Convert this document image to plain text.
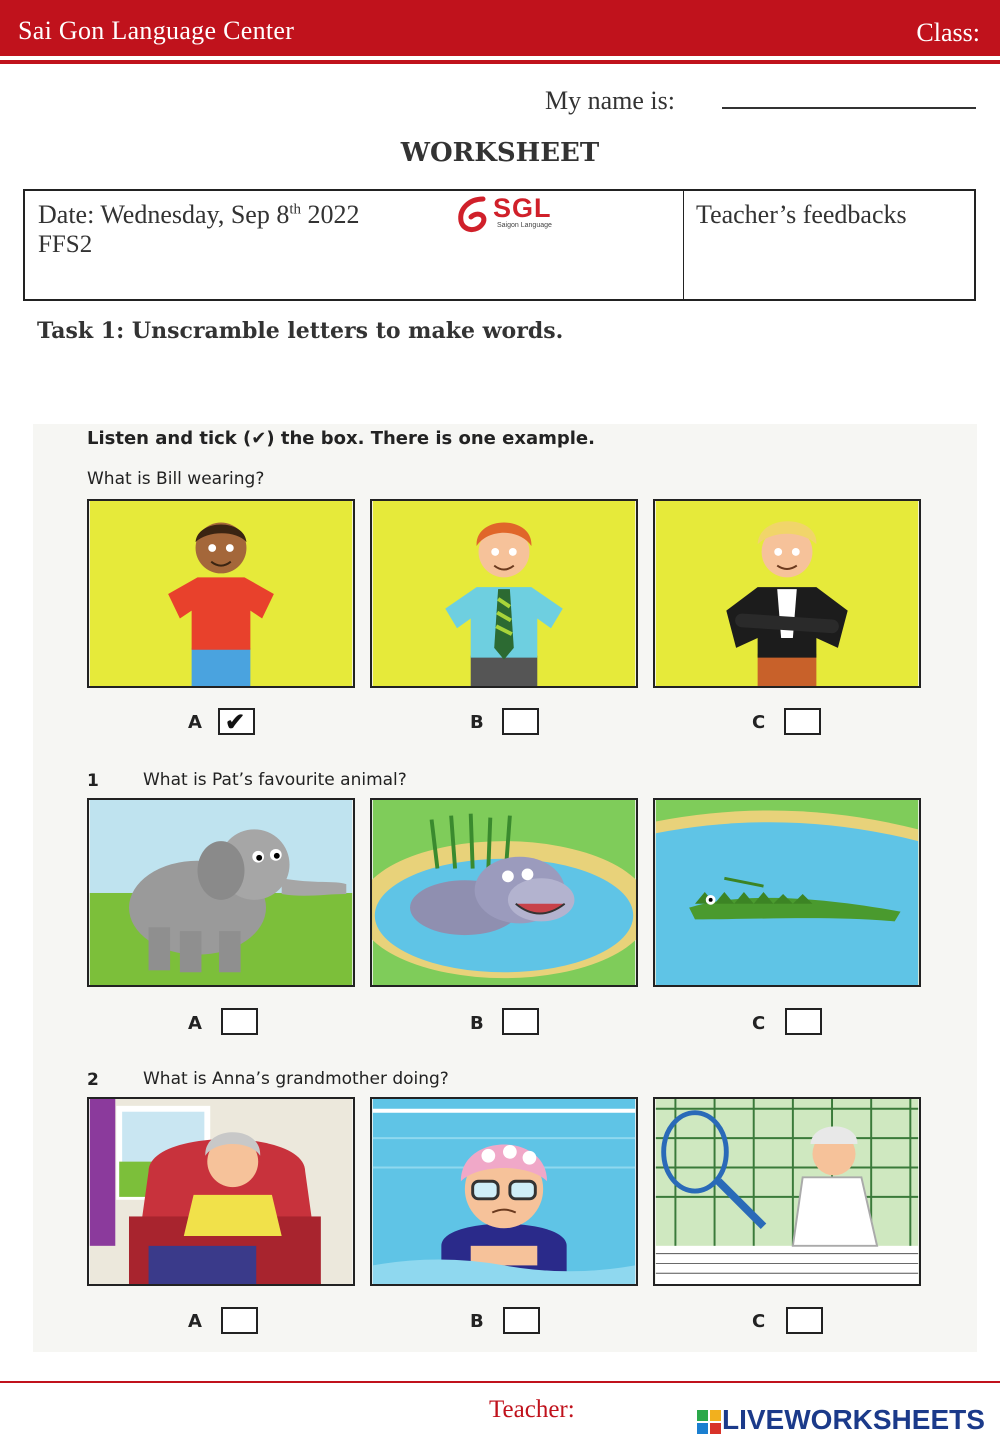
Sai Gon Language Center	Class:
My name is:
WORKSHEET
Date: Wednesday, Sep 8th 2022
FFS2
SGL
Saigon Language	Teacher’s feedbacks
Task 1: Unscramble letters to make words.
Listen and tick (✔) the box. There is one example.
What is Bill wearing?
A ✔	B	C
1	What is Pat’s favourite animal?
A	B	C
2	What is Anna’s grandmother doing?
A	B	C
Teacher:	LIVEWORKSHEETS
